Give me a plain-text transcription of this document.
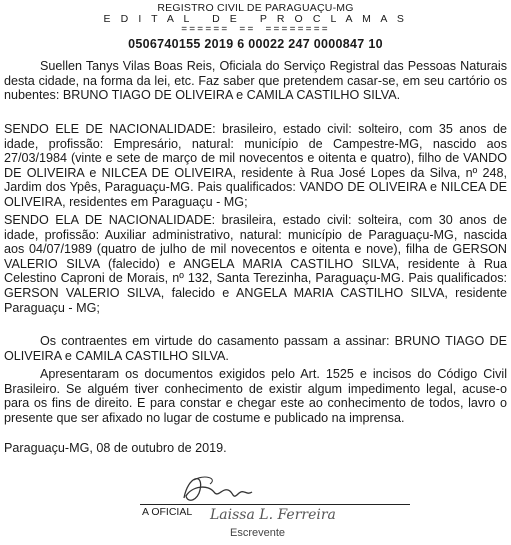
REGISTRO CIVIL DE PARAGUAÇU-MG
E D I T A L   D E   P R O C L A M A S
======  ==  ========
0506740155 2019 6 00022 247 0000847 10

Suellen Tanys Vilas Boas Reis, Oficiala do Serviço Registral das Pessoas Naturais desta cidade, na forma da lei, etc. Faz saber que pretendem casar-se, em seu cartório os nubentes: BRUNO TIAGO DE OLIVEIRA e CAMILA CASTILHO SILVA.

SENDO ELE DE NACIONALIDADE: brasileiro, estado civil: solteiro, com 35 anos de idade, profissão: Empresário, natural: município de Campestre-MG, nascido aos 27/03/1984 (vinte e sete de março de mil novecentos e oitenta e quatro), filho de VANDO DE OLIVEIRA e NILCEA DE OLIVEIRA, residente à Rua José Lopes da Silva, nº 248, Jardim dos Ypês, Paraguaçu-MG. Pais qualificados: VANDO DE OLIVEIRA e NILCEA DE OLIVEIRA, residentes em Paraguaçu - MG;

SENDO ELA DE NACIONALIDADE: brasileira, estado civil: solteira, com 30 anos de idade, profissão: Auxiliar administrativo, natural: município de Paraguaçu-MG, nascida aos 04/07/1989 (quatro de julho de mil novecentos e oitenta e nove), filha de GERSON VALERIO SILVA (falecido) e ANGELA MARIA CASTILHO SILVA, residente à Rua Celestino Caproni de Morais, nº 132, Santa Terezinha, Paraguaçu-MG. Pais qualificados: GERSON VALERIO SILVA, falecido e ANGELA MARIA CASTILHO SILVA, residente Paraguaçu - MG;

Os contraentes em virtude do casamento passam a assinar: BRUNO TIAGO DE OLIVEIRA e CAMILA CASTILHO SILVA.

Apresentaram os documentos exigidos pelo Art. 1525 e incisos do Código Civil Brasileiro. Se alguém tiver conhecimento de existir algum impedimento legal, acuse-o para os fins de direito. E para constar e chegar este ao conhecimento de todos, lavro o presente que ser afixado no lugar de costume e publicado na imprensa.

Paraguaçu-MG, 08 de outubro de 2019.

A OFICIAL Laissa L. Ferreira
Escrevente
